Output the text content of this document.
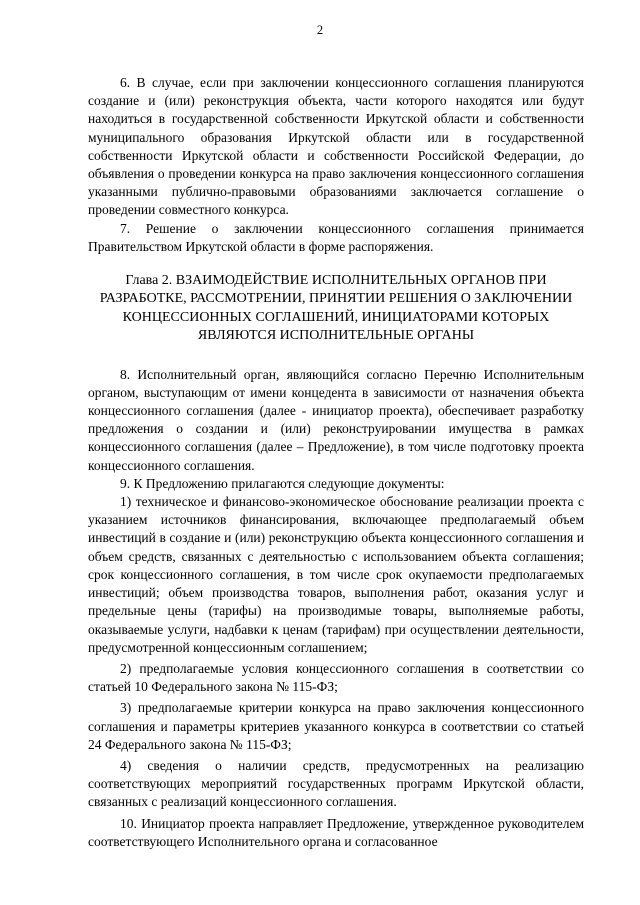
2

6. В случае, если при заключении концессионного соглашения планируются создание и (или) реконструкция объекта, части которого находятся или будут находиться в государственной собственности Иркутской области и собственности муниципального образования Иркутской области или в государственной собственности Иркутской области и собственности Российской Федерации, до объявления о проведении конкурса на право заключения концессионного соглашения указанными публично-правовыми образованиями заключается соглашение о проведении совместного конкурса.

7. Решение о заключении концессионного соглашения принимается Правительством Иркутской области в форме распоряжения.

Глава 2. ВЗАИМОДЕЙСТВИЕ ИСПОЛНИТЕЛЬНЫХ ОРГАНОВ ПРИ РАЗРАБОТКЕ, РАССМОТРЕНИИ, ПРИНЯТИИ РЕШЕНИЯ О ЗАКЛЮЧЕНИИ КОНЦЕССИОННЫХ СОГЛАШЕНИЙ, ИНИЦИАТОРАМИ КОТОРЫХ ЯВЛЯЮТСЯ ИСПОЛНИТЕЛЬНЫЕ ОРГАНЫ

8. Исполнительный орган, являющийся согласно Перечню Исполнительным органом, выступающим от имени концедента в зависимости от назначения объекта концессионного соглашения (далее - инициатор проекта), обеспечивает разработку предложения о создании и (или) реконструировании имущества в рамках концессионного соглашения (далее – Предложение), в том числе подготовку проекта концессионного соглашения.

9. К Предложению прилагаются следующие документы:

1) техническое и финансово-экономическое обоснование реализации проекта с указанием источников финансирования, включающее предполагаемый объем инвестиций в создание и (или) реконструкцию объекта концессионного соглашения и объем средств, связанных с деятельностью с использованием объекта соглашения; срок концессионного соглашения, в том числе срок окупаемости предполагаемых инвестиций; объем производства товаров, выполнения работ, оказания услуг и предельные цены (тарифы) на производимые товары, выполняемые работы, оказываемые услуги, надбавки к ценам (тарифам) при осуществлении деятельности, предусмотренной концессионным соглашением;

2) предполагаемые условия концессионного соглашения в соответствии со статьей 10 Федерального закона № 115-ФЗ;

3) предполагаемые критерии конкурса на право заключения концессионного соглашения и параметры критериев указанного конкурса в соответствии со статьей 24 Федерального закона № 115-ФЗ;

4) сведения о наличии средств, предусмотренных на реализацию соответствующих мероприятий государственных программ Иркутской области, связанных с реализаций концессионного соглашения.

10. Инициатор проекта направляет Предложение, утвержденное руководителем соответствующего Исполнительного органа и согласованное
